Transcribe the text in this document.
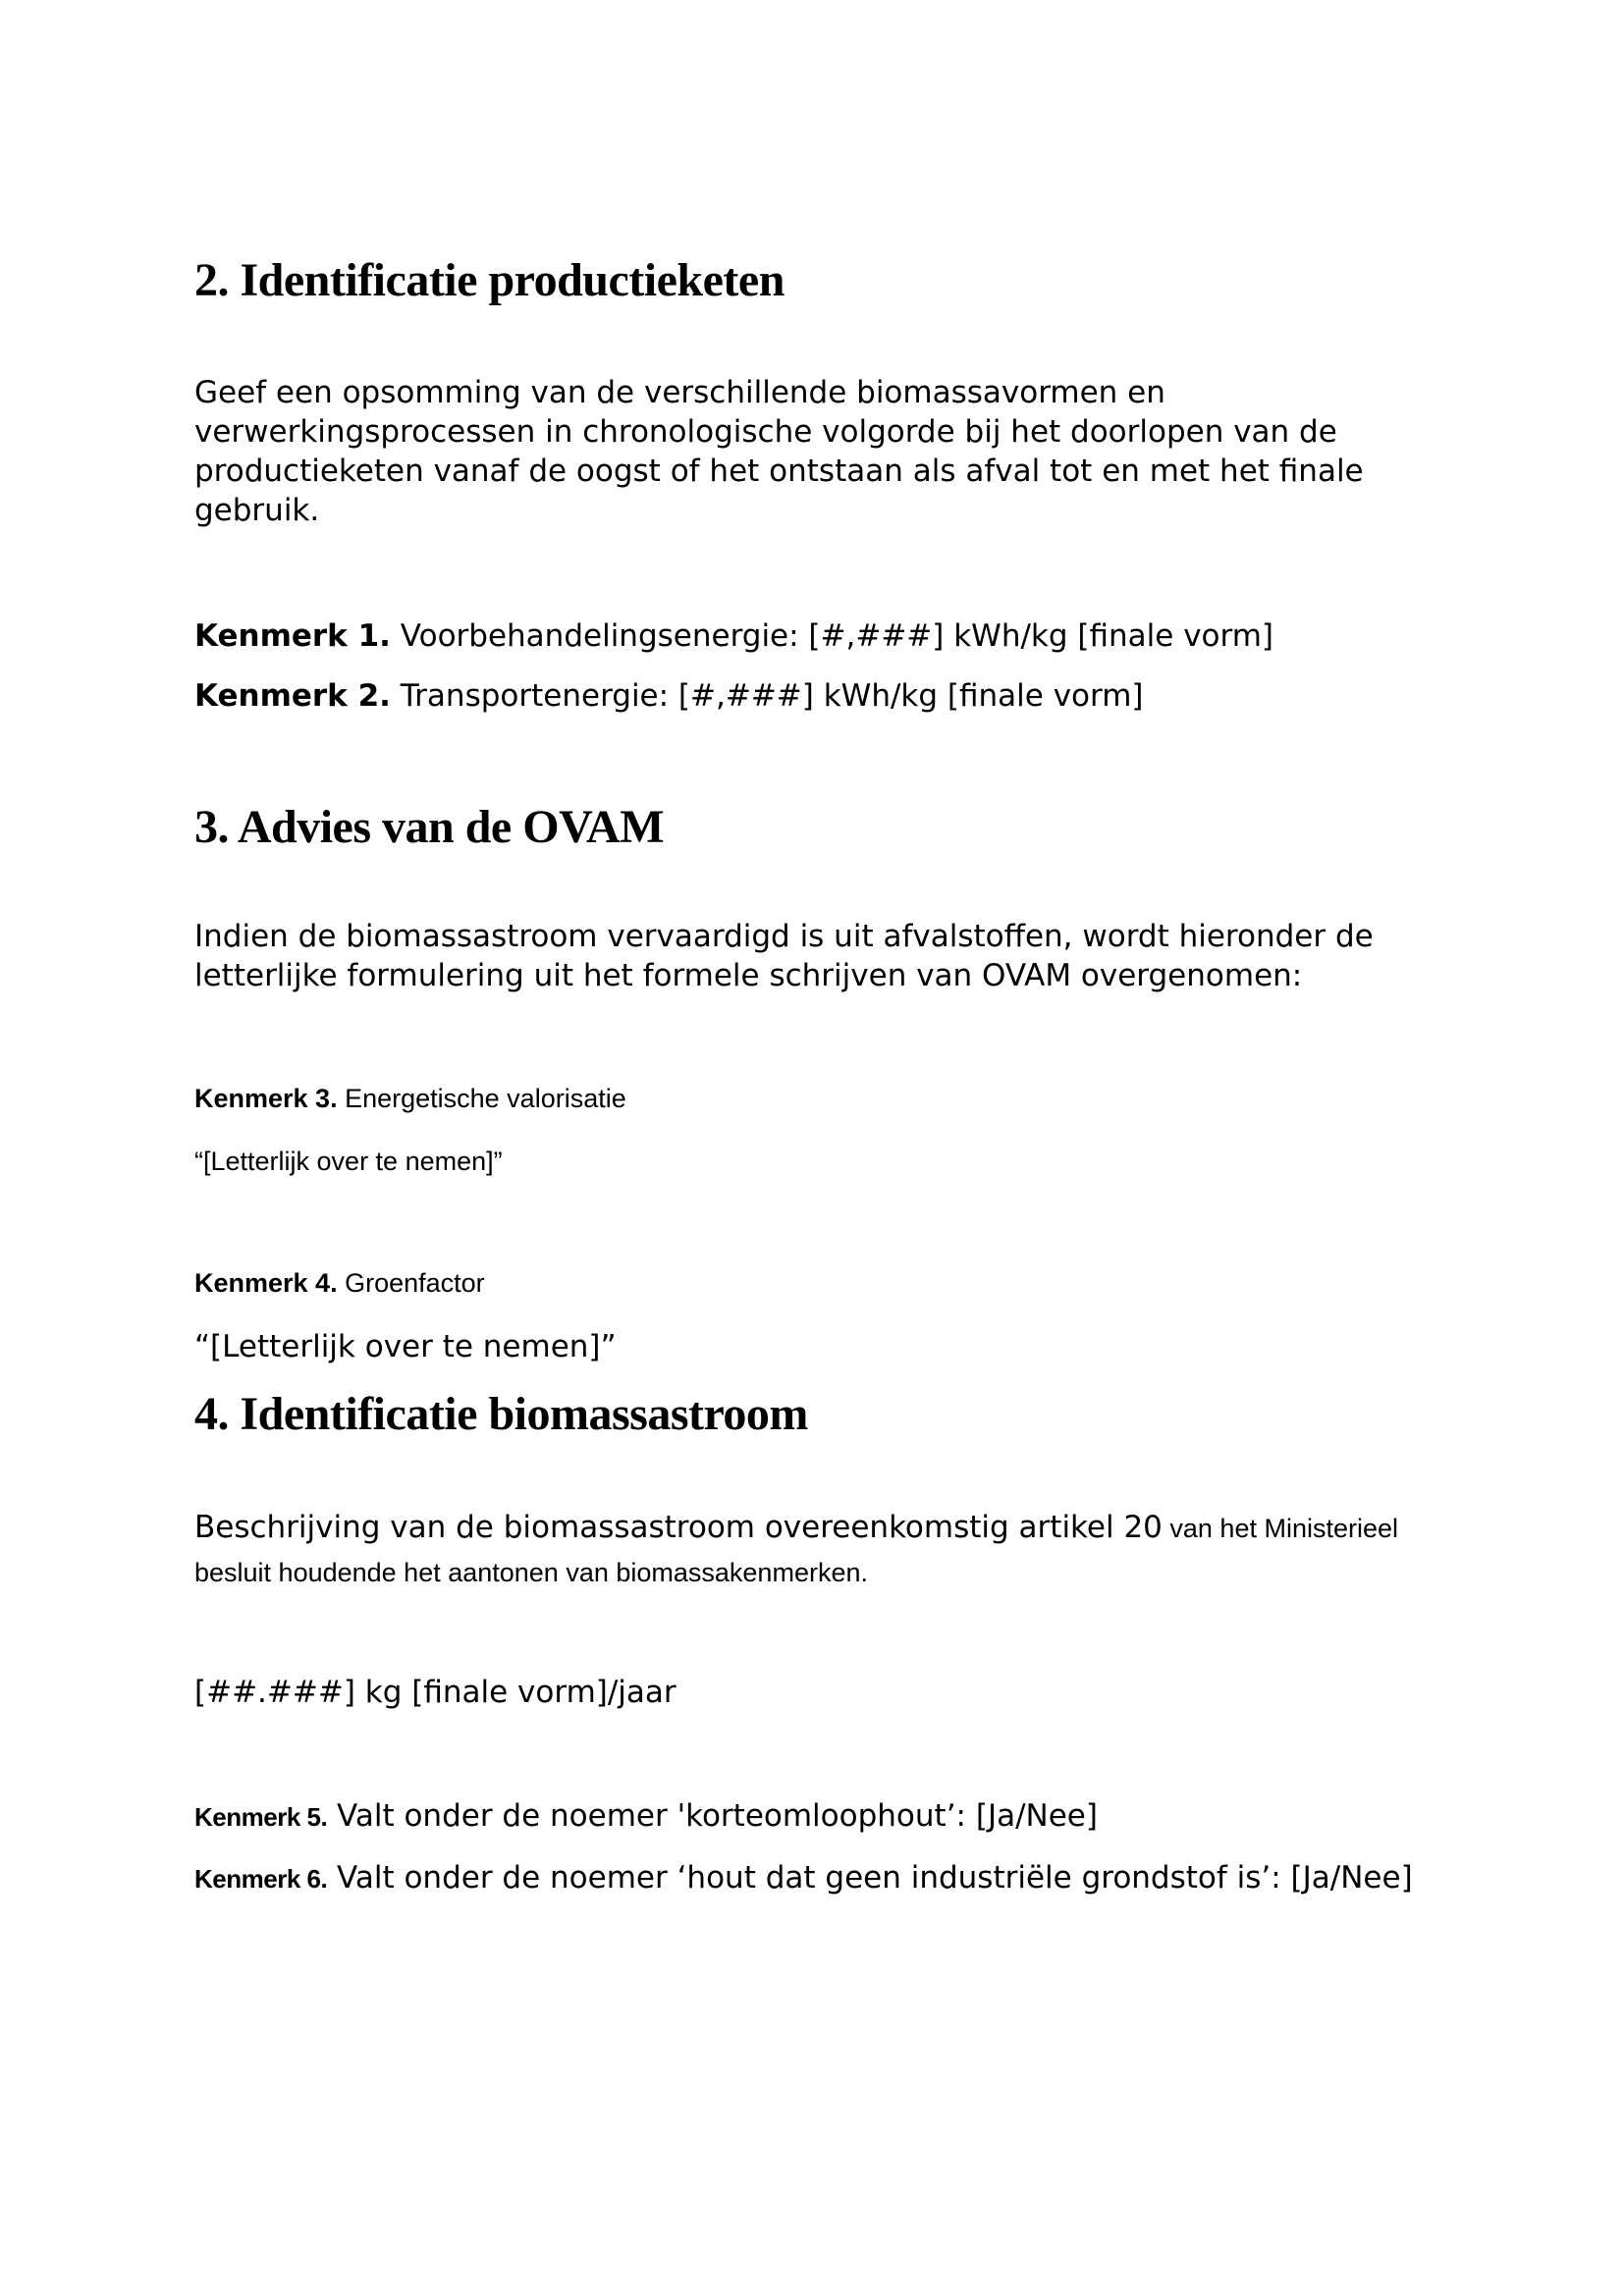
2. Identificatie productieketen
Geef een opsomming van de verschillende biomassavormen en
verwerkingsprocessen in chronologische volgorde bij het doorlopen van de
productieketen vanaf de oogst of het ontstaan als afval tot en met het finale
gebruik.
Kenmerk 1. Voorbehandelingsenergie: [#,###] kWh/kg [finale vorm]
Kenmerk 2. Transportenergie: [#,###] kWh/kg [finale vorm]
3. Advies van de OVAM
Indien de biomassastroom vervaardigd is uit afvalstoffen, wordt hieronder de
letterlijke formulering uit het formele schrijven van OVAM overgenomen:
Kenmerk 3. Energetische valorisatie
“[Letterlijk over te nemen]”
Kenmerk 4. Groenfactor
“[Letterlijk over te nemen]”
4. Identificatie biomassastroom
Beschrijving van de biomassastroom overeenkomstig artikel 20 van het Ministerieel
besluit houdende het aantonen van biomassakenmerken.
[##.###] kg [finale vorm]/jaar
Kenmerk 5. Valt onder de noemer 'korteomloophout’: [Ja/Nee]
Kenmerk 6. Valt onder de noemer ‘hout dat geen industriële grondstof is’: [Ja/Nee]
